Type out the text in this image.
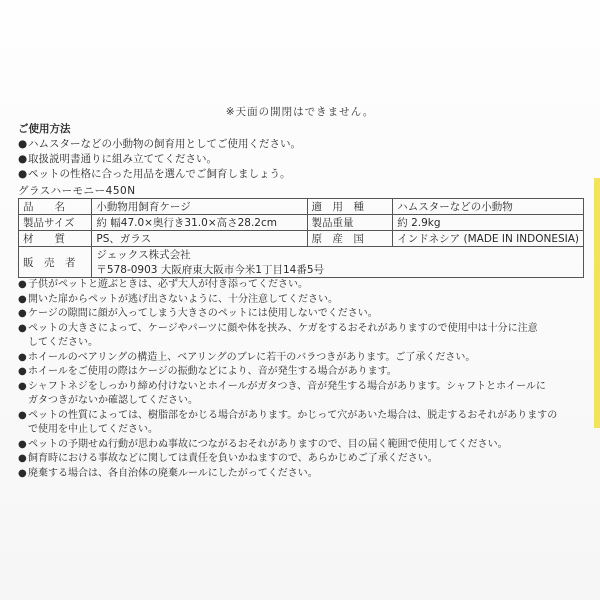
※天面の開閉はできません。
ご使用方法
●ハムスターなどの小動物の飼育用としてご使用ください。
●取扱説明書通りに組み立ててください。
●ペットの性格に合った用品を選んでご飼育しましょう。
グラスハーモニー450N
品　　名	小動物用飼育ケージ	適　用　種	ハムスターなどの小動物
製品サイズ	約 幅47.0×奥行き31.0×高さ28.2cm	製品重量	約 2.9kg
材　　質	PS、ガラス	原　産　国	インドネシア (MADE IN INDONESIA)
販　売　者	ジェックス株式会社
〒578-0903 大阪府東大阪市今米1丁目14番5号		
●子供がペットと遊ぶときは、必ず大人が付き添ってください。
●開いた扉からペットが逃げ出さないように、十分注意してください。
●ケージの隙間に顔が入ってしまう大きさのペットには使用しないでください。
●ペットの大きさによって、ケージやパーツに顔や体を挟み、ケガをするおそれがありますので使用中は十分に注意
してください。
●ホイールのベアリングの構造上、ベアリングのブレに若干のバラつきがあります。ご了承ください。
●ホイールをご使用の際はケージの振動などにより、音が発生する場合があります。
●シャフトネジをしっかり締め付けないとホイールがガタつき、音が発生する場合があります。シャフトとホイールに
ガタつきがないか確認してください。
●ペットの性質によっては、樹脂部をかじる場合があります。かじって穴があいた場合は、脱走するおそれがありますの
で使用を中止してください。
●ペットの予期せぬ行動が思わぬ事故につながるおそれがありますので、目の届く範囲で使用してください。
●飼育時における事故などに関しては責任を負いかねますので、あらかじめご了承ください。
●廃棄する場合は、各自治体の廃棄ルールにしたがってください。
